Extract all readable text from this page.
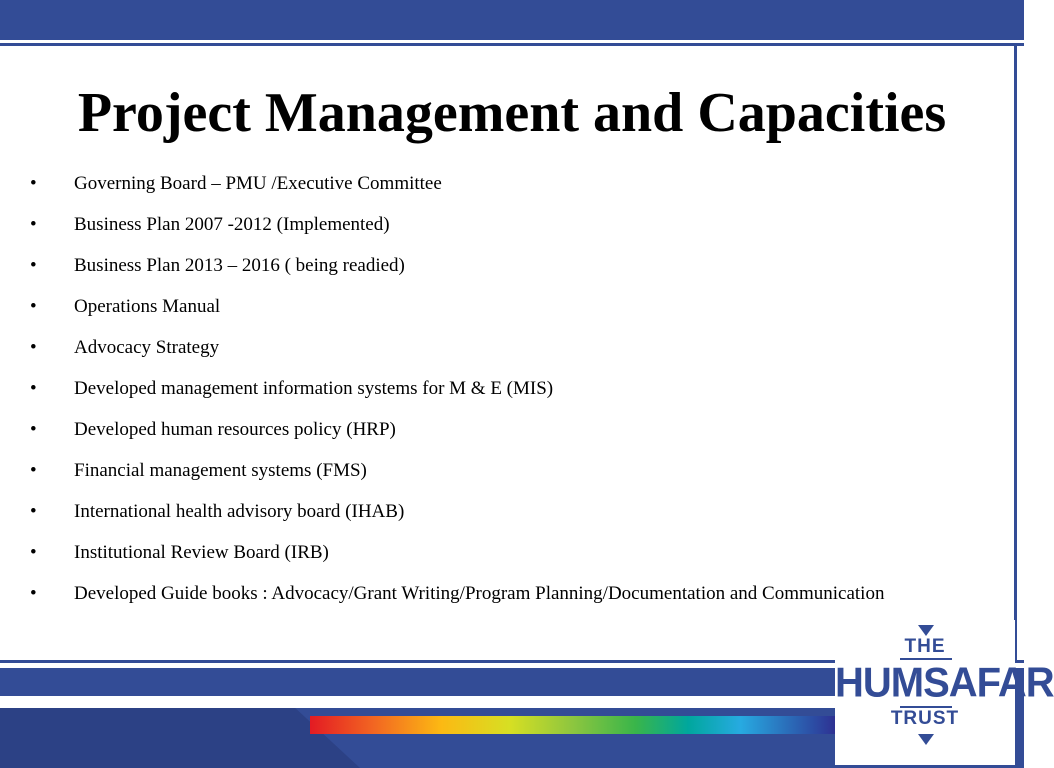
Project Management and Capacities
•	Governing Board – PMU /Executive Committee
•	Business Plan 2007 -2012 (Implemented)
•	Business Plan 2013 – 2016 ( being readied)
•	Operations Manual
•	Advocacy Strategy
•	Developed management information systems for M & E (MIS)
•	Developed human resources policy (HRP)
•	Financial management systems (FMS)
•	International health advisory board (IHAB)
•	Institutional Review Board (IRB)
•	Developed Guide books : Advocacy/Grant Writing/Program Planning/Documentation and Communication
THE
HUMSAFAR
TRUST
